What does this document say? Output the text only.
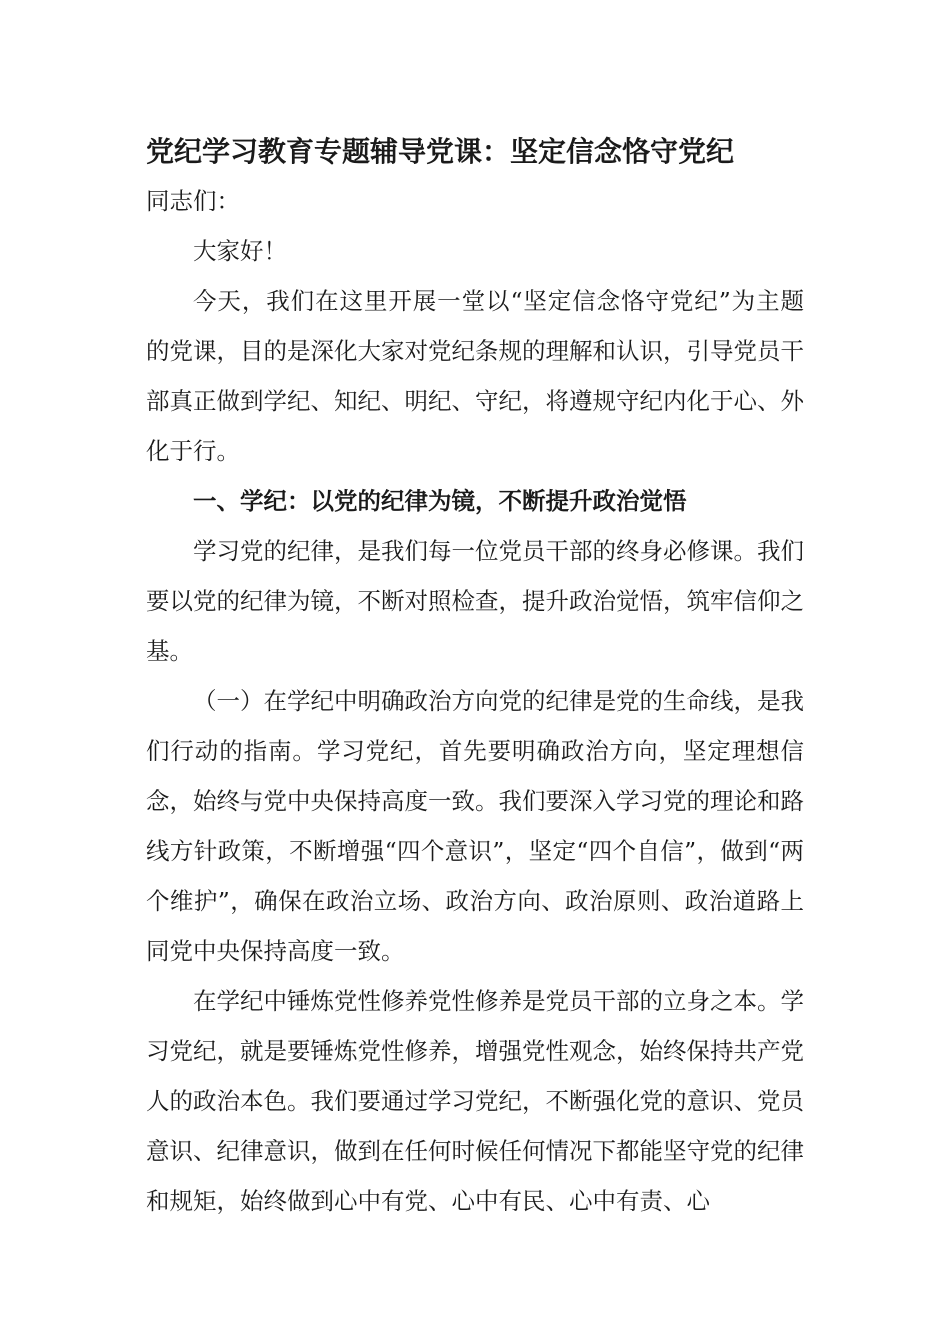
党纪学习教育专题辅导党课：坚定信念恪守党纪

同志们：

大家好！

今天，我们在这里开展一堂以“坚定信念恪守党纪”为主题的党课，目的是深化大家对党纪条规的理解和认识，引导党员干部真正做到学纪、知纪、明纪、守纪，将遵规守纪内化于心、外化于行。

一、学纪：以党的纪律为镜，不断提升政治觉悟

学习党的纪律，是我们每一位党员干部的终身必修课。我们要以党的纪律为镜，不断对照检查，提升政治觉悟，筑牢信仰之基。

（一）在学纪中明确政治方向党的纪律是党的生命线，是我们行动的指南。学习党纪，首先要明确政治方向，坚定理想信念，始终与党中央保持高度一致。我们要深入学习党的理论和路线方针政策，不断增强“四个意识”，坚定“四个自信”，做到“两个维护”，确保在政治立场、政治方向、政治原则、政治道路上同党中央保持高度一致。

在学纪中锤炼党性修养党性修养是党员干部的立身之本。学习党纪，就是要锤炼党性修养，增强党性观念，始终保持共产党人的政治本色。我们要通过学习党纪，不断强化党的意识、党员意识、纪律意识，做到在任何时候任何情况下都能坚守党的纪律和规矩，始终做到心中有党、心中有民、心中有责、心
